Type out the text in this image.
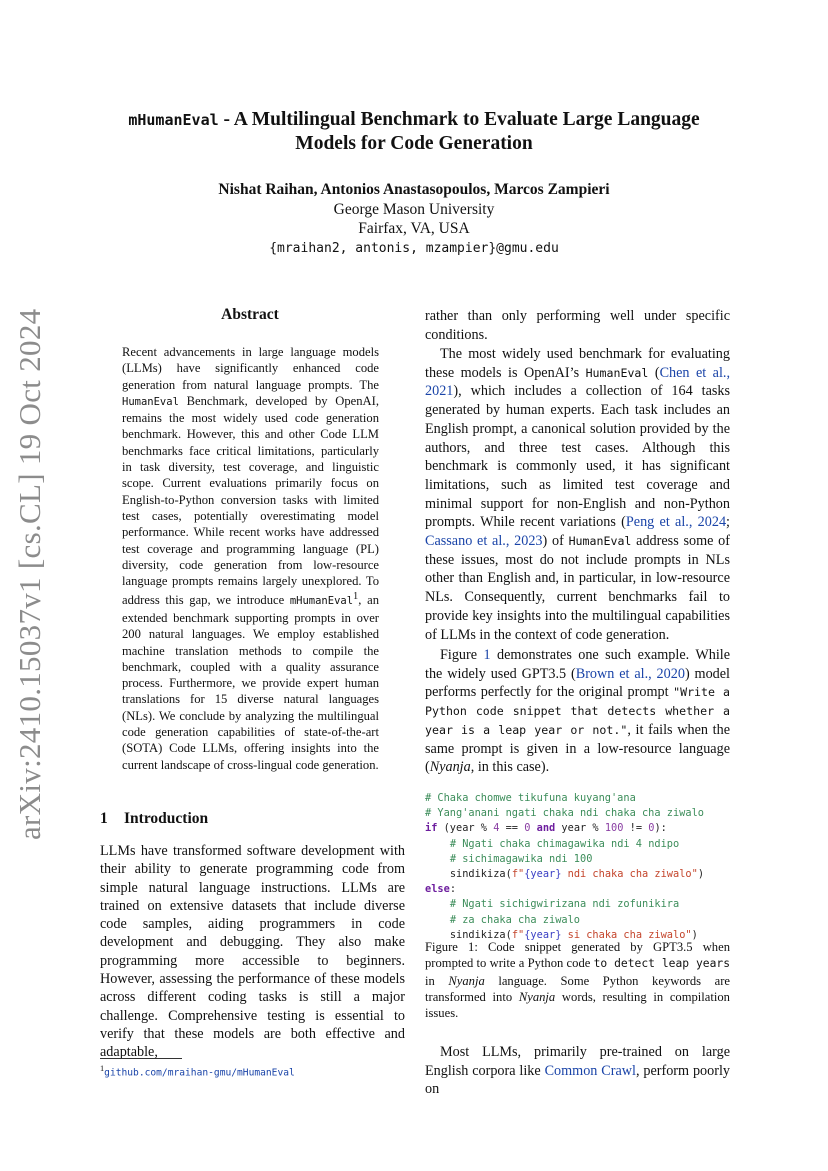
arXiv:2410.15037v1 [cs.CL] 19 Oct 2024
mHumanEval - A Multilingual Benchmark to Evaluate Large Language
Models for Code Generation
Nishat Raihan, Antonios Anastasopoulos, Marcos Zampieri
George Mason University
Fairfax, VA, USA
{mraihan2, antonis, mzampier}@gmu.edu
Abstract

Recent advancements in large language models (LLMs) have significantly enhanced code generation from natural language prompts. The HumanEval Benchmark, developed by OpenAI, remains the most widely used code generation benchmark. However, this and other Code LLM benchmarks face critical limitations, particularly in task diversity, test coverage, and linguistic scope. Current evaluations primarily focus on English-to-Python conversion tasks with limited test cases, potentially overestimating model performance. While recent works have addressed test coverage and programming language (PL) diversity, code generation from low-resource language prompts remains largely unexplored. To address this gap, we introduce mHumanEval$^1$, an extended benchmark supporting prompts in over 200 natural languages. We employ established machine translation methods to compile the benchmark, coupled with a quality assurance process. Furthermore, we provide expert human translations for 15 diverse natural languages (NLs). We conclude by analyzing the multilingual code generation capabilities of state-of-the-art (SOTA) Code LLMs, offering insights into the current landscape of cross-lingual code generation.

1 Introduction

LLMs have transformed software development with their ability to generate programming code from simple natural language instructions. LLMs are trained on extensive datasets that include diverse code samples, aiding programmers in code development and debugging. They also make programming more accessible to beginners. However, assessing the performance of these models across different coding tasks is still a major challenge. Comprehensive testing is essential to verify that these models are both effective and adaptable,

$^1$github.com/mraihan-gmu/mHumanEval

rather than only performing well under specific conditions.

The most widely used benchmark for evaluating these models is OpenAI’s HumanEval (Chen et al., 2021), which includes a collection of 164 tasks generated by human experts. Each task includes an English prompt, a canonical solution provided by the authors, and three test cases. Although this benchmark is commonly used, it has significant limitations, such as limited test coverage and minimal support for non-English and non-Python prompts. While recent variations (Peng et al., 2024; Cassano et al., 2023) of HumanEval address some of these issues, most do not include prompts in NLs other than English and, in particular, in low-resource NLs. Consequently, current benchmarks fail to provide key insights into the multilingual capabilities of LLMs in the context of code generation.

Figure 1 demonstrates one such example. While the widely used GPT3.5 (Brown et al., 2020) model performs perfectly for the original prompt "Write a Python code snippet that detects whether a year is a leap year or not.", it fails when the same prompt is given in a low-resource language (Nyanja, in this case).

# Chaka chomwe tikufuna kuyang'ana
# Yang'anani ngati chaka ndi chaka cha ziwalo
if (year % 4 == 0 and year % 100 != 0):
# Ngati chaka chimagawika ndi 4 ndipo
# sichimagawika ndi 100
sindikiza(f"{year} ndi chaka cha ziwalo")
else:
# Ngati sichigwirizana ndi zofunikira
# za chaka cha ziwalo
sindikiza(f"{year} si chaka cha ziwalo")

Figure 1: Code snippet generated by GPT3.5 when prompted to write a Python code to detect leap years in Nyanja language. Some Python keywords are transformed into Nyanja words, resulting in compilation issues.

Most LLMs, primarily pre-trained on large English corpora like Common Crawl, perform poorly on
